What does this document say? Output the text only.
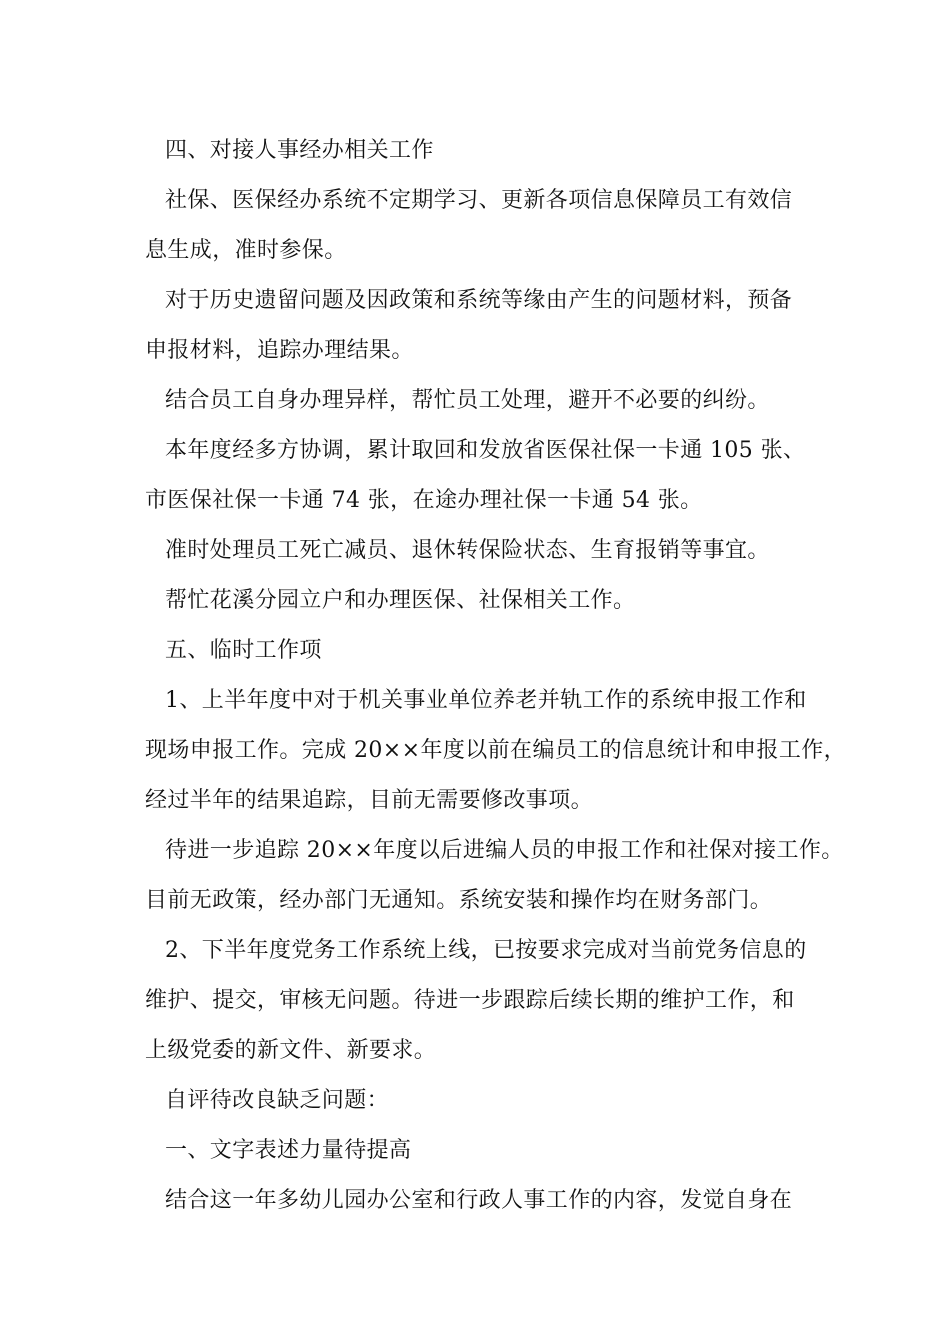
四、对接人事经办相关工作
社保、医保经办系统不定期学习、更新各项信息保障员工有效信
息生成，准时参保。
对于历史遗留问题及因政策和系统等缘由产生的问题材料，预备
申报材料，追踪办理结果。
结合员工自身办理异样，帮忙员工处理，避开不必要的纠纷。
本年度经多方协调，累计取回和发放省医保社保一卡通 105 张、
市医保社保一卡通 74 张，在途办理社保一卡通 54 张。
准时处理员工死亡减员、退休转保险状态、生育报销等事宜。
帮忙花溪分园立户和办理医保、社保相关工作。
五、临时工作项
1、上半年度中对于机关事业单位养老并轨工作的系统申报工作和
现场申报工作。完成 20××年度以前在编员工的信息统计和申报工作，
经过半年的结果追踪，目前无需要修改事项。
待进一步追踪 20××年度以后进编人员的申报工作和社保对接工作。
目前无政策，经办部门无通知。系统安装和操作均在财务部门。
2、下半年度党务工作系统上线，已按要求完成对当前党务信息的
维护、提交，审核无问题。待进一步跟踪后续长期的维护工作，和
上级党委的新文件、新要求。
自评待改良缺乏问题：
一、文字表述力量待提高
结合这一年多幼儿园办公室和行政人事工作的内容，发觉自身在
